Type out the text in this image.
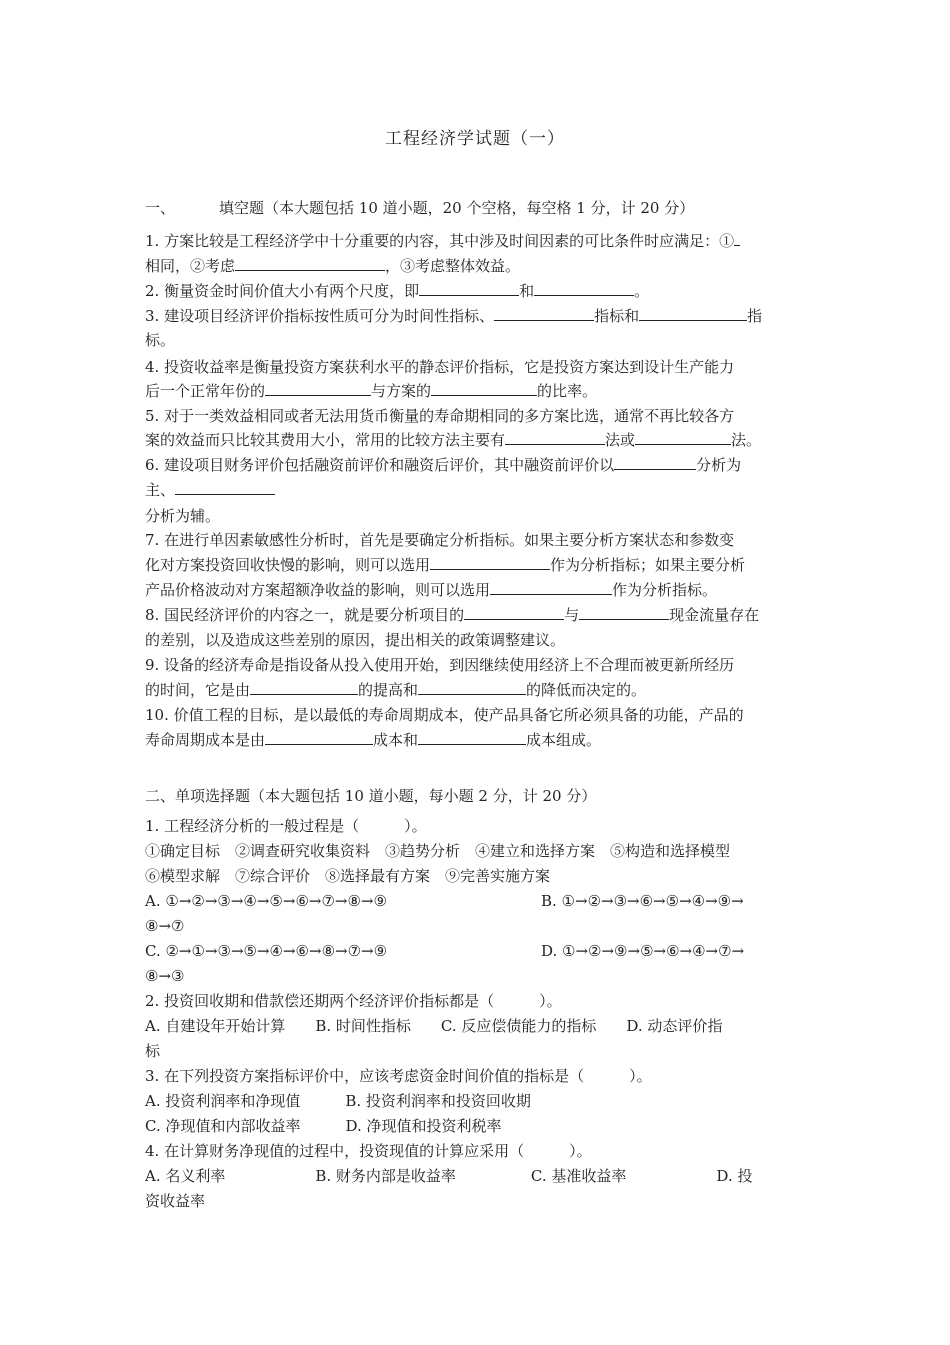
工程经济学试题（一）
一、	填空题（本大题包括 10 道小题，20 个空格，每空格 1 分，计 20 分）
1. 方案比较是工程经济学中十分重要的内容，其中涉及时间因素的可比条件时应满足：①
相同，②考虑	，③考虑整体效益。
2. 衡量资金时间价值大小有两个尺度，即	和	。
3. 建设项目经济评价指标按性质可分为时间性指标、	指标和	指
标。
4. 投资收益率是衡量投资方案获利水平的静态评价指标，它是投资方案达到设计生产能力
后一个正常年份的	与方案的	的比率。
5. 对于一类效益相同或者无法用货币衡量的寿命期相同的多方案比选，通常不再比较各方
案的效益而只比较其费用大小，常用的比较方法主要有	法或	法。
6. 建设项目财务评价包括融资前评价和融资后评价，其中融资前评价以	分析为
主、
分析为辅。
7. 在进行单因素敏感性分析时，首先是要确定分析指标。如果主要分析方案状态和参数变
化对方案投资回收快慢的影响，则可以选用	作为分析指标；如果主要分析
产品价格波动对方案超额净收益的影响，则可以选用	作为分析指标。
8. 国民经济评价的内容之一，就是要分析项目的	与	现金流量存在
的差别，以及造成这些差别的原因，提出相关的政策调整建议。
9. 设备的经济寿命是指设备从投入使用开始，到因继续使用经济上不合理而被更新所经历
的时间，它是由	的提高和	的降低而决定的。
10. 价值工程的目标，是以最低的寿命周期成本，使产品具备它所必须具备的功能，产品的
寿命周期成本是由	成本和	成本组成。
二、单项选择题（本大题包括 10 道小题，每小题 2 分，计 20 分）
1. 工程经济分析的一般过程是（　　　）。
①确定目标　②调查研究收集资料　③趋势分析　④建立和选择方案　⑤构造和选择模型
⑥模型求解　⑦综合评价　⑧选择最有方案　⑨完善实施方案
A. ①→②→③→④→⑤→⑥→⑦→⑧→⑨	B. ①→②→③→⑥→⑤→④→⑨→
⑧→⑦
C. ②→①→③→⑤→④→⑥→⑧→⑦→⑨	D. ①→②→⑨→⑤→⑥→④→⑦→
⑧→③
2. 投资回收期和借款偿还期两个经济评价指标都是（　　　）。
A. 自建设年开始计算　　B. 时间性指标　　C. 反应偿债能力的指标　　D. 动态评价指
标
3. 在下列投资方案指标评价中，应该考虑资金时间价值的指标是（　　　）。
A. 投资利润率和净现值　　　B. 投资利润率和投资回收期
C. 净现值和内部收益率　　　D. 净现值和投资利税率
4. 在计算财务净现值的过程中，投资现值的计算应采用（　　　）。
A. 名义利率　　　　　　B. 财务内部是收益率　　　　　C. 基准收益率　　　　　　D. 投
资收益率
